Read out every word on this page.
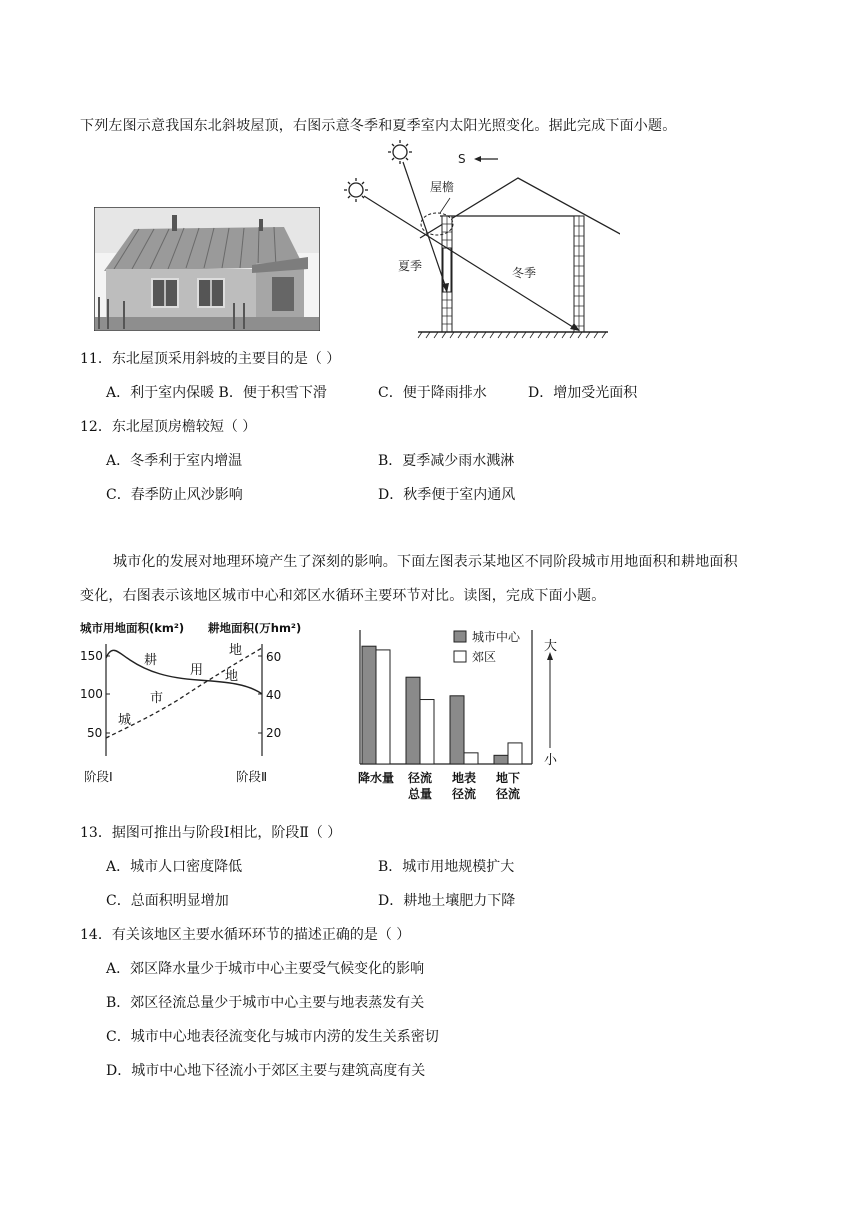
下列左图示意我国东北斜坡屋顶，右图示意冬季和夏季室内太阳光照变化。据此完成下面小题。
S
屋檐
夏季	冬季
11．东北屋顶采用斜坡的主要目的是（ ）
A．利于室内保暖 B．便于积雪下滑	C．便于降雨排水	D．增加受光面积
12．东北屋顶房檐较短（ ）
A．冬季利于室内增温	B．夏季减少雨水溅淋
C．春季防止风沙影响	D．秋季便于室内通风
城市化的发展对地理环境产生了深刻的影响。下面左图表示某地区不同阶段城市用地面积和耕地面积
变化，右图表示该地区城市中心和郊区水循环主要环节对比。读图，完成下面小题。
城市用地面积(km²) 耕地面积(万hm²)
150
100
50
60
40
20
耕
地
城
市
用 地
阶段Ⅰ	阶段Ⅱ
城市中心
郊区
降水量 径流
总量
地表
径流
地下
径流
大
小
13．据图可推出与阶段Ⅰ相比，阶段Ⅱ（ ）
A．城市人口密度降低	B．城市用地规模扩大
C．总面积明显增加	D．耕地土壤肥力下降
14．有关该地区主要水循环环节的描述正确的是（ ）
A．郊区降水量少于城市中心主要受气候变化的影响
B．郊区径流总量少于城市中心主要与地表蒸发有关
C．城市中心地表径流变化与城市内涝的发生关系密切
D．城市中心地下径流小于郊区主要与建筑高度有关
